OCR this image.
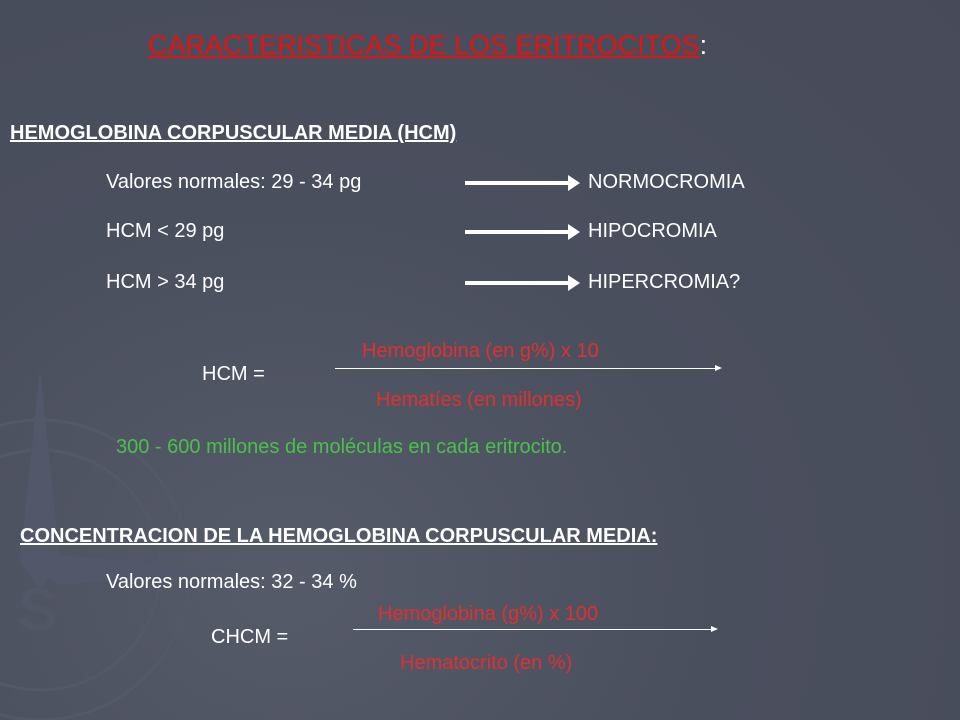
S
CARACTERISTICAS DE LOS ERITROCITOS:
HEMOGLOBINA CORPUSCULAR MEDIA (HCM)
Valores normales: 29 - 34 pg	NORMOCROMIA
HCM < 29 pg	HIPOCROMIA
HCM > 34 pg	HIPERCROMIA?
Hemoglobina (en g%) x 10
HCM =
Hematíes (en millones)
300 - 600 millones de moléculas en cada eritrocito.
CONCENTRACION DE LA HEMOGLOBINA CORPUSCULAR MEDIA:
Valores normales: 32 - 34 %
Hemoglobina (g%) x 100
CHCM =
Hematocrito (en %)
